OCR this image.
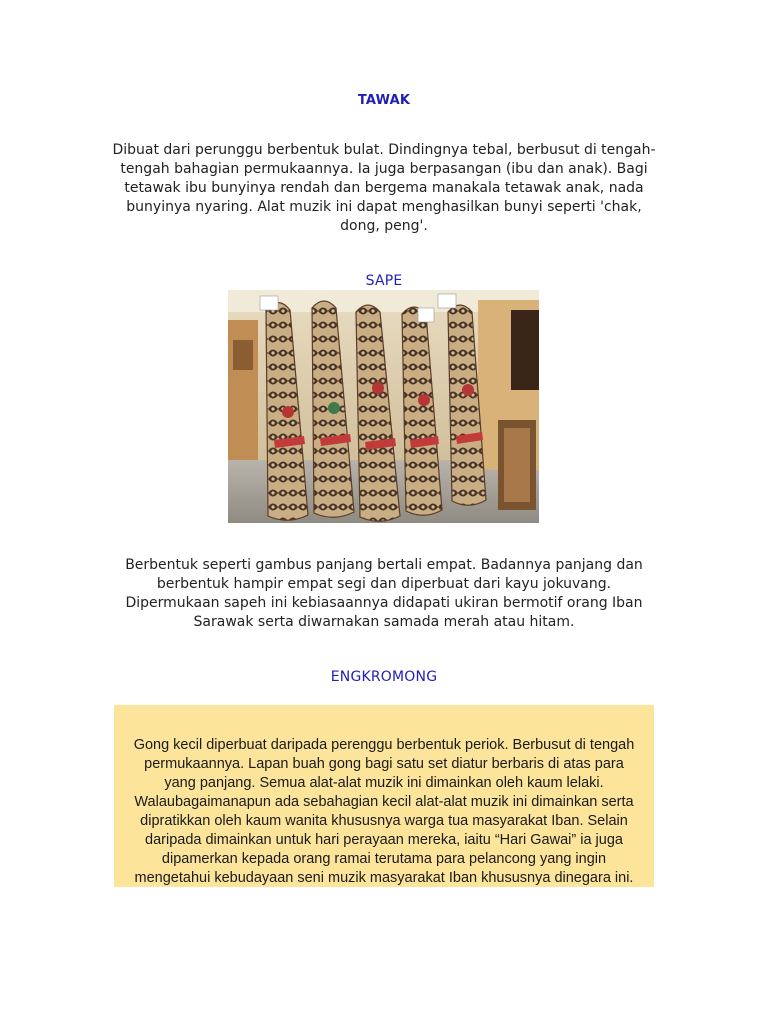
TAWAK
Dibuat dari perunggu berbentuk bulat. Dindingnya tebal, berbusut di tengah-tengah bahagian permukaannya. Ia juga berpasangan (ibu dan anak). Bagi tetawak ibu bunyinya rendah dan bergema manakala tetawak anak, nada bunyinya nyaring. Alat muzik ini dapat menghasilkan bunyi seperti 'chak, dong, peng'.
SAPE
Berbentuk seperti gambus panjang bertali empat. Badannya panjang dan berbentuk hampir empat segi dan diperbuat dari kayu jokuvang. Dipermukaan sapeh ini kebiasaannya didapati ukiran bermotif orang Iban Sarawak serta diwarnakan samada merah atau hitam.
ENGKROMONG
Gong kecil diperbuat daripada perenggu berbentuk periok. Berbusut di tengah
permukaannya. Lapan buah gong bagi satu set diatur berbaris di atas para
yang panjang. Semua alat-alat muzik ini dimainkan oleh kaum lelaki.
Walaubagaimanapun ada sebahagian kecil alat-alat muzik ini dimainkan serta
dipratikkan oleh kaum wanita khususnya warga tua masyarakat Iban. Selain
daripada dimainkan untuk hari perayaan mereka, iaitu “Hari Gawai” ia juga
dipamerkan kepada orang ramai terutama para pelancong yang ingin
mengetahui kebudayaan seni muzik masyarakat Iban khususnya dinegara ini.
